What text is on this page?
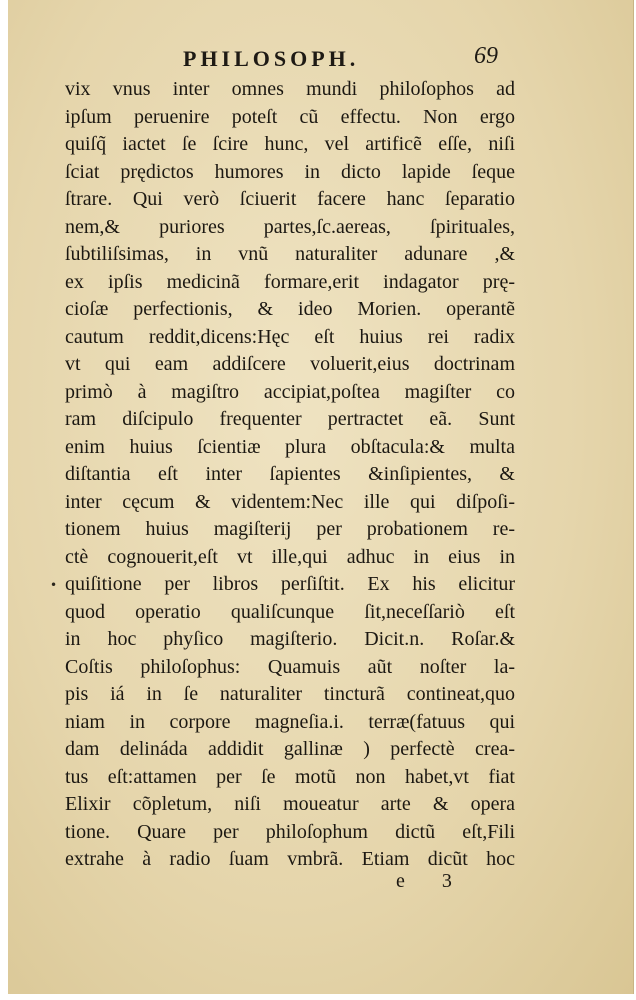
PHILOSOPH.	69
•
vix vnus inter omnes mundi philoſophos ad
ipſum peruenire poteſt cũ effectu. Non ergo
quiſq̃ iactet ſe ſcire hunc, vel artificẽ eſſe, niſi
ſciat prędictos humores in dicto lapide ſeque
ſtrare. Qui verò ſciuerit facere hanc ſeparatio
nem,& puriores partes,ſc.aereas, ſpirituales,
ſubtiliſsimas, in vnũ naturaliter adunare ,&
ex ipſis medicinã formare,erit indagator prę-
cioſæ perfectionis, & ideo Morien. operantẽ
cautum reddit,dicens:Hęc eſt huius rei radix
vt qui eam addiſcere voluerit,eius doctrinam
primò à magiſtro accipiat,poſtea magiſter co
ram diſcipulo frequenter pertractet eã. Sunt
enim huius ſcientiæ plura obſtacula:& multa
diſtantia eſt inter ſapientes &inſipientes, &
inter cęcum & videntem:Nec ille qui diſpoſi-
tionem huius magiſterij per probationem re-
ctè cognouerit,eſt vt ille,qui adhuc in eius in
quiſitione per libros perſiſtit. Ex his elicitur
quod operatio qualiſcunque ſit,neceſſariò eſt
in hoc phyſico magiſterio. Dicit.n. Roſar.&
Coſtis philoſophus: Quamuis aũt noſter la-
pis iá in ſe naturaliter tincturã contineat,quo
niam in corpore magneſia.i. terræ(fatuus qui
dam delináda addidit gallinæ ) perfectè crea-
tus eſt:attamen per ſe motũ non habet,vt fiat
Elixir cõpletum, niſi moueatur arte & opera
tione. Quare per philoſophum dictũ eſt,Fili
extrahe à radio ſuam vmbrã. Etiam dicũt hoc
e 3
